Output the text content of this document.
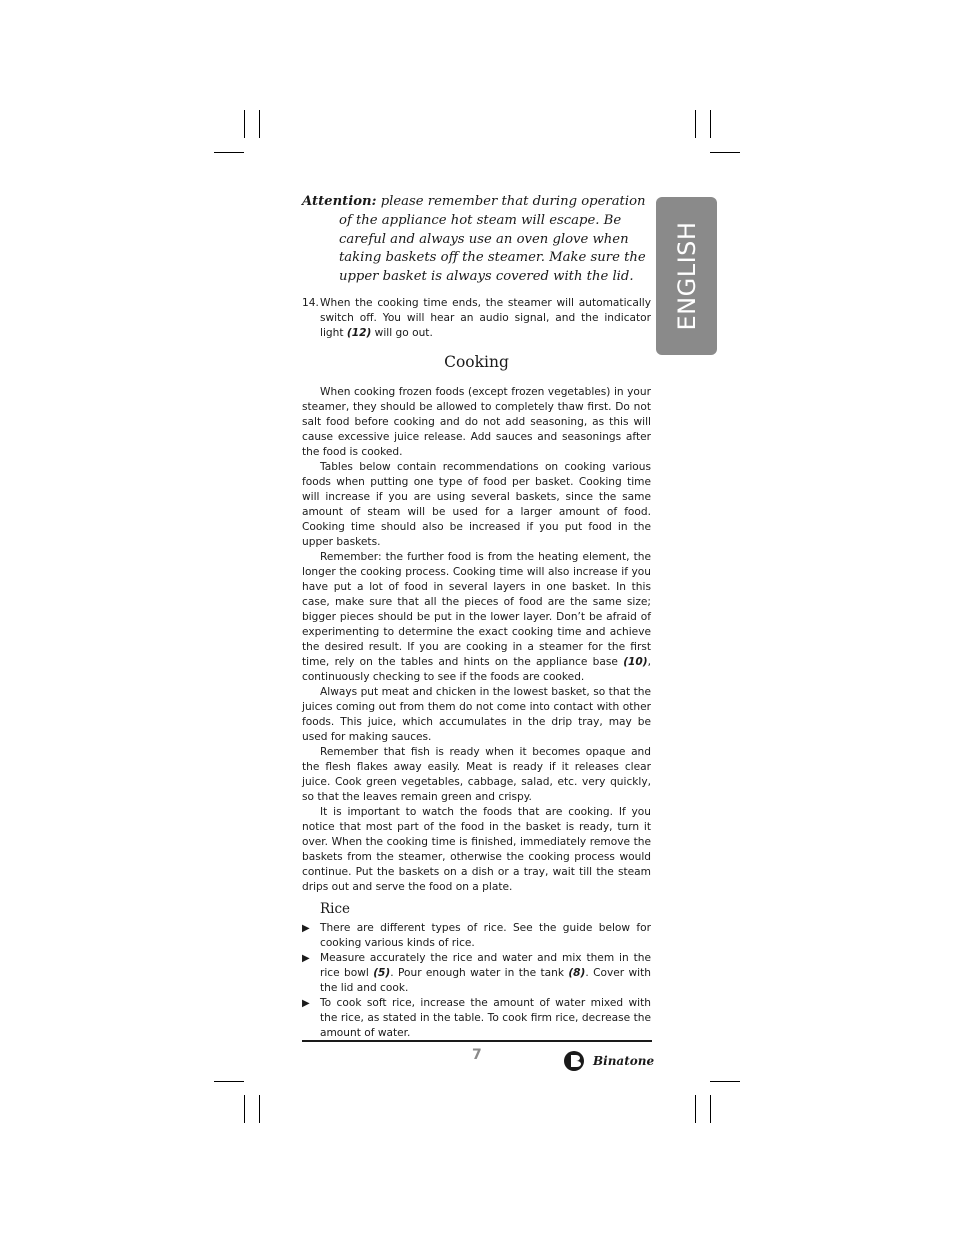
ENGLISH

Attention: please remember that during operation of the appliance hot steam will escape. Be careful and always use an oven glove when taking baskets off the steamer. Make sure the upper basket is always covered with the lid.

14. When the cooking time ends, the steamer will automatically switch off. You will hear an audio signal, and the indicator light (12) will go out.
Cooking

When cooking frozen foods (except frozen vegetables) in your steamer, they should be allowed to completely thaw first. Do not salt food before cooking and do not add seasoning, as this will cause excessive juice release. Add sauces and seasonings after the food is cooked.

Tables below contain recommendations on cooking various foods when putting one type of food per basket. Cooking time will increase if you are using several baskets, since the same amount of steam will be used for a larger amount of food. Cooking time should also be increased if you put food in the upper baskets.

Remember: the further food is from the heating element, the longer the cooking process. Cooking time will also increase if you have put a lot of food in several layers in one basket. In this case, make sure that all the pieces of food are the same size; bigger pieces should be put in the lower layer. Don’t be afraid of experimenting to determine the exact cooking time and achieve the desired result. If you are cooking in a steamer for the first time, rely on the tables and hints on the appliance base (10), continuously checking to see if the foods are cooked.

Always put meat and chicken in the lowest basket, so that the juices coming out from them do not come into contact with other foods. This juice, which accumulates in the drip tray, may be used for making sauces.

Remember that fish is ready when it becomes opaque and the flesh flakes away easily. Meat is ready if it releases clear juice. Cook green vegetables, cabbage, salad, etc. very quickly, so that the leaves remain green and crispy.

It is important to watch the foods that are cooking. If you notice that most part of the food in the basket is ready, turn it over. When the cooking time is finished, immediately remove the baskets from the steamer, otherwise the cooking process would continue. Put the baskets on a dish or a tray, wait till the steam drips out and serve the food on a plate.

Rice
▶ There are different types of rice. See the guide below for cooking various kinds of rice.
▶ Measure accurately the rice and water and mix them in the rice bowl (5). Pour enough water in the tank (8). Cover with the lid and cook.
▶ To cook soft rice, increase the amount of water mixed with the rice, as stated in the table. To cook firm rice, decrease the amount of water.
7	Binatone
